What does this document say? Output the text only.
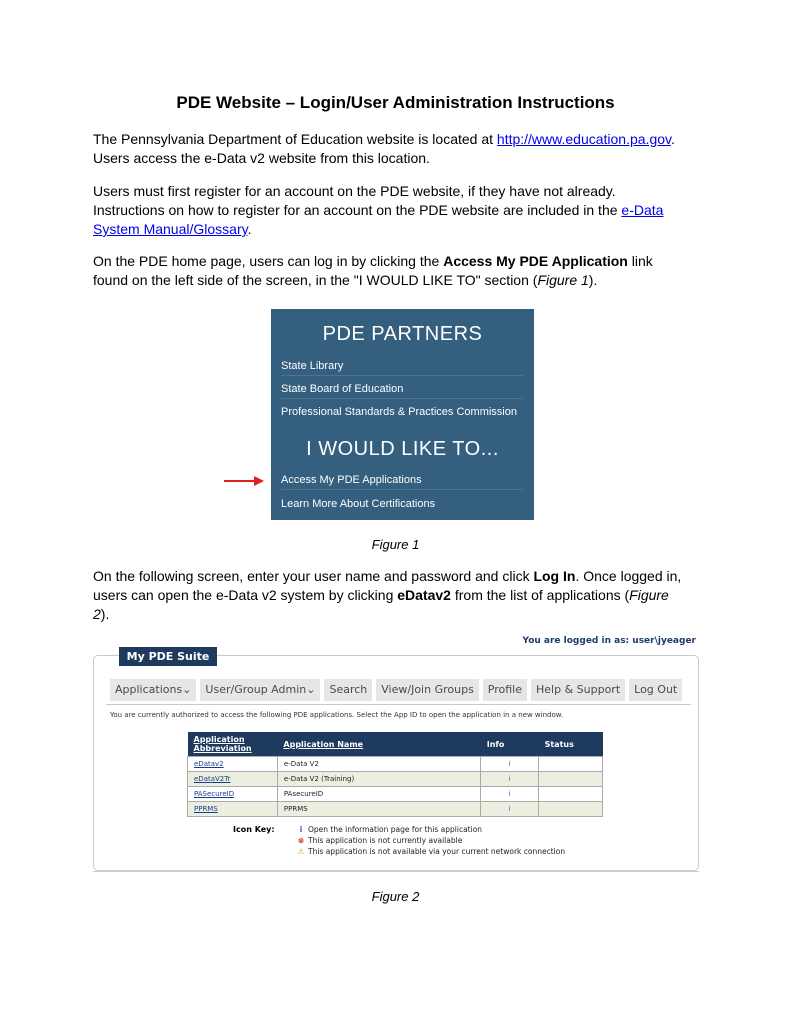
PDE Website – Login/User Administration Instructions

The Pennsylvania Department of Education website is located at http://www.education.pa.gov.
Users access the e-Data v2 website from this location.

Users must first register for an account on the PDE website, if they have not already.
Instructions on how to register for an account on the PDE website are included in the e-Data
System Manual/Glossary.

On the PDE home page, users can log in by clicking the Access My PDE Application link
found on the left side of the screen, in the "I WOULD LIKE TO" section (Figure 1).

PDE PARTNERS
State Library
State Board of Education
Professional Standards & Practices Commission
I WOULD LIKE TO...
Access My PDE Applications
Learn More About Certifications
Figure 1

On the following screen, enter your user name and password and click Log In. Once logged in,
users can open the e-Data v2 system by clicking eDatav2 from the list of applications (Figure
2).

You are logged in as: user\jyeager
My PDE Suite
Applications⌄	User/Group Admin⌄	Search	View/Join Groups	Profile	Help & Support	Log Out
You are currently authorized to access the following PDE applications. Select the App ID to open the application in a new window.
Application Abbreviation	Application Name	Info	Status
eDatav2	e-Data V2	i	
eDataV2Tr	e-Data V2 (Training)	i	
PASecureID	PAsecureID	i	
PPRMS	PPRMS	i	
Icon Key:	i Open the information page for this application
⊗ This application is not currently available
⚠ This application is not available via your current network connection
Figure 2
